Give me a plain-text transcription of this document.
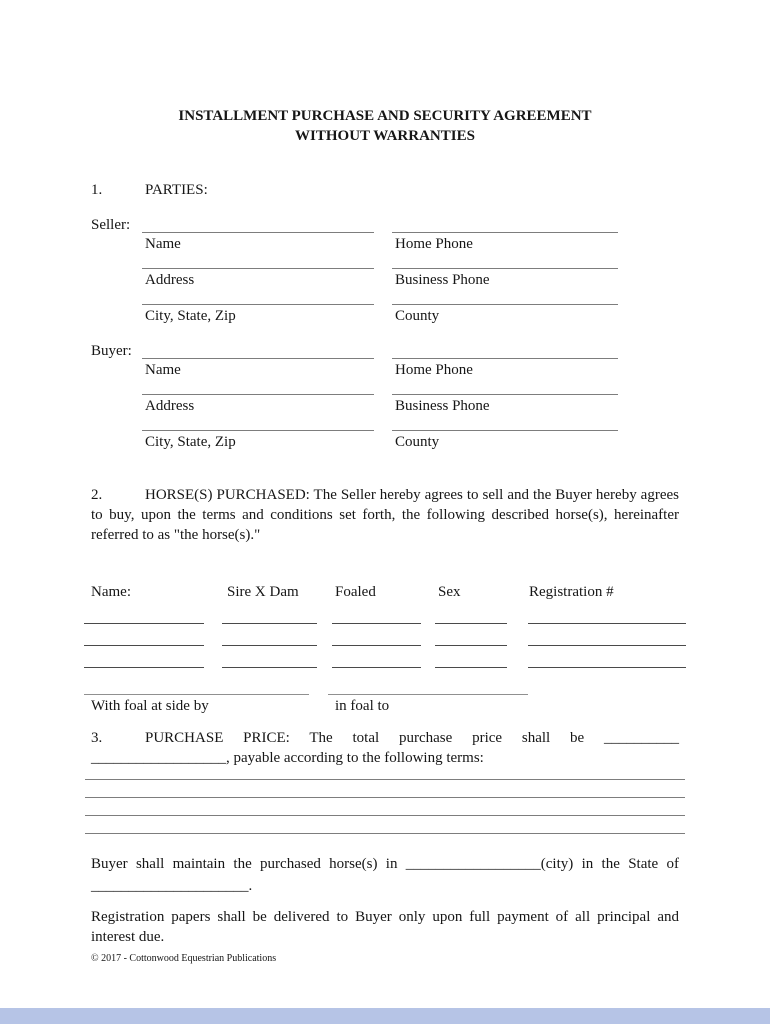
INSTALLMENT PURCHASE AND SECURITY AGREEMENT
WITHOUT WARRANTIES
1.	PARTIES:
Seller:
Name	Home Phone
Address	Business Phone
City, State, Zip	County
Buyer:
Name	Home Phone
Address	Business Phone
City, State, Zip	County
2.	HORSE(S) PURCHASED: The Seller hereby agrees to sell and the Buyer hereby agrees
to buy, upon the terms and conditions set forth, the following described horse(s), hereinafter
referred to as "the horse(s)."
Name:	Sire X Dam	Foaled	Sex	Registration #
With foal at side by	in foal to
3.	PURCHASE PRICE: The total purchase price shall be __________
__________________, payable according to the following terms:
Buyer shall maintain the purchased horse(s) in __________________(city) in the State of
_____________________.
Registration papers shall be delivered to Buyer only upon full payment of all principal and
interest due.
© 2017 - Cottonwood Equestrian Publications
